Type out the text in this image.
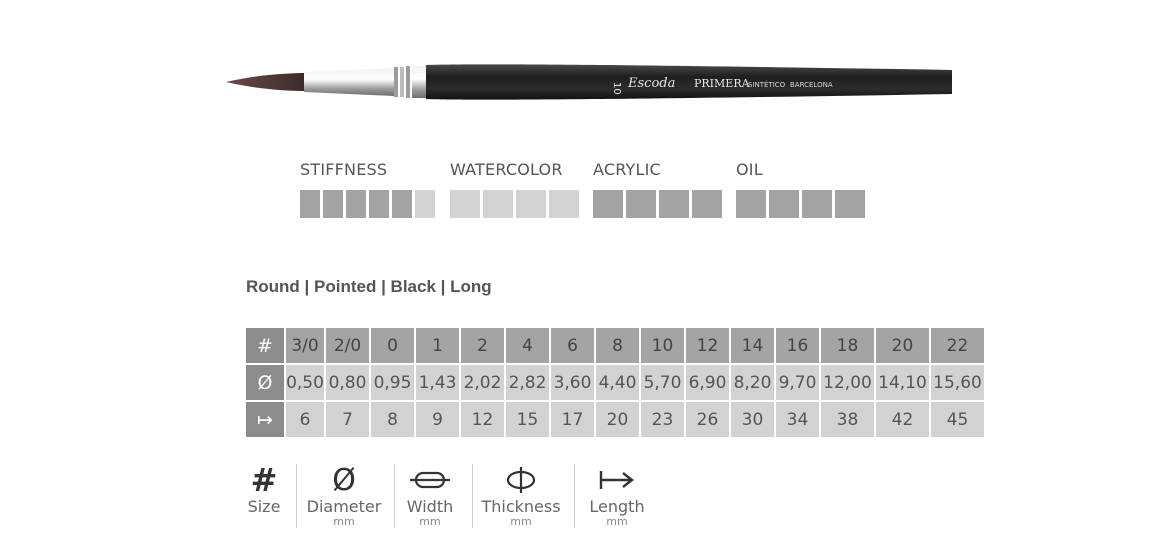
10 Escoda PRIMERA
SINTÉTICO BARCELONA
STIFFNESS	WATERCOLOR ACRYLIC	OIL
Round | Pointed | Black | Long
#	3/0	2/0	0	1	2	4	6	8	10	12	14	16	18	20	22
Ø	0,50	0,80	0,95	1,43	2,02	2,82	3,60	4,40	5,70	6,90	8,20	9,70	12,00	14,10	15,60
↦	6	7	8	9	12	15	17	20	23	26	30	34	38	42	45
#
Size
Ø
Diameter
mm
Width
mm
Thickness
mm
Length
mm
